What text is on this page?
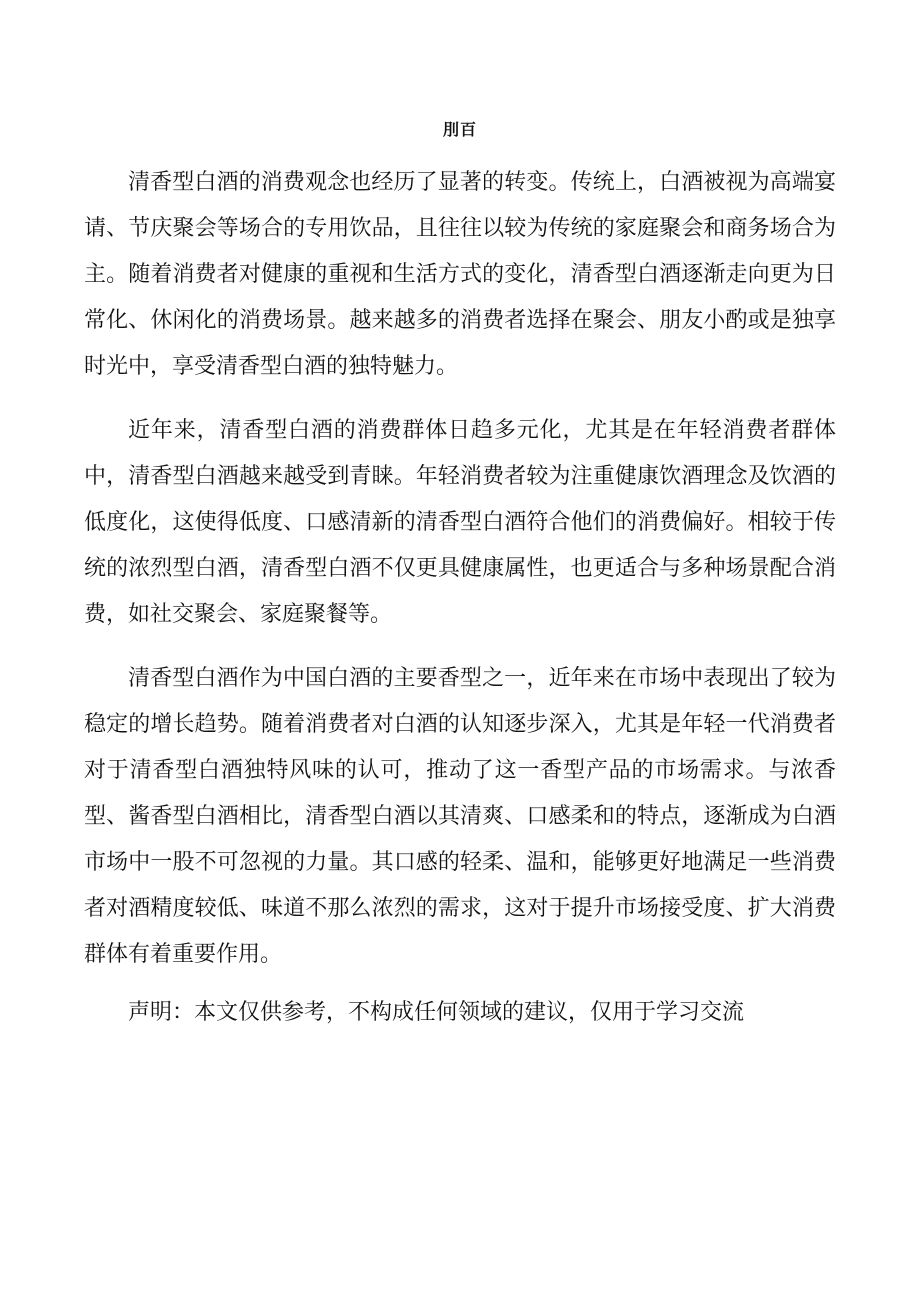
刖百

清香型白酒的消费观念也经历了显著的转变。传统上，白酒被视为高端宴请、节庆聚会等场合的专用饮品，且往往以较为传统的家庭聚会和商务场合为主。随着消费者对健康的重视和生活方式的变化，清香型白酒逐渐走向更为日常化、休闲化的消费场景。越来越多的消费者选择在聚会、朋友小酌或是独享时光中，享受清香型白酒的独特魅力。

近年来，清香型白酒的消费群体日趋多元化，尤其是在年轻消费者群体中，清香型白酒越来越受到青睐。年轻消费者较为注重健康饮酒理念及饮酒的低度化，这使得低度、口感清新的清香型白酒符合他们的消费偏好。相较于传统的浓烈型白酒，清香型白酒不仅更具健康属性，也更适合与多种场景配合消费，如社交聚会、家庭聚餐等。

清香型白酒作为中国白酒的主要香型之一，近年来在市场中表现出了较为稳定的增长趋势。随着消费者对白酒的认知逐步深入，尤其是年轻一代消费者对于清香型白酒独特风味的认可，推动了这一香型产品的市场需求。与浓香型、酱香型白酒相比，清香型白酒以其清爽、口感柔和的特点，逐渐成为白酒市场中一股不可忽视的力量。其口感的轻柔、温和，能够更好地满足一些消费者对酒精度较低、味道不那么浓烈的需求，这对于提升市场接受度、扩大消费群体有着重要作用。

声明：本文仅供参考，不构成任何领域的建议，仅用于学习交流
